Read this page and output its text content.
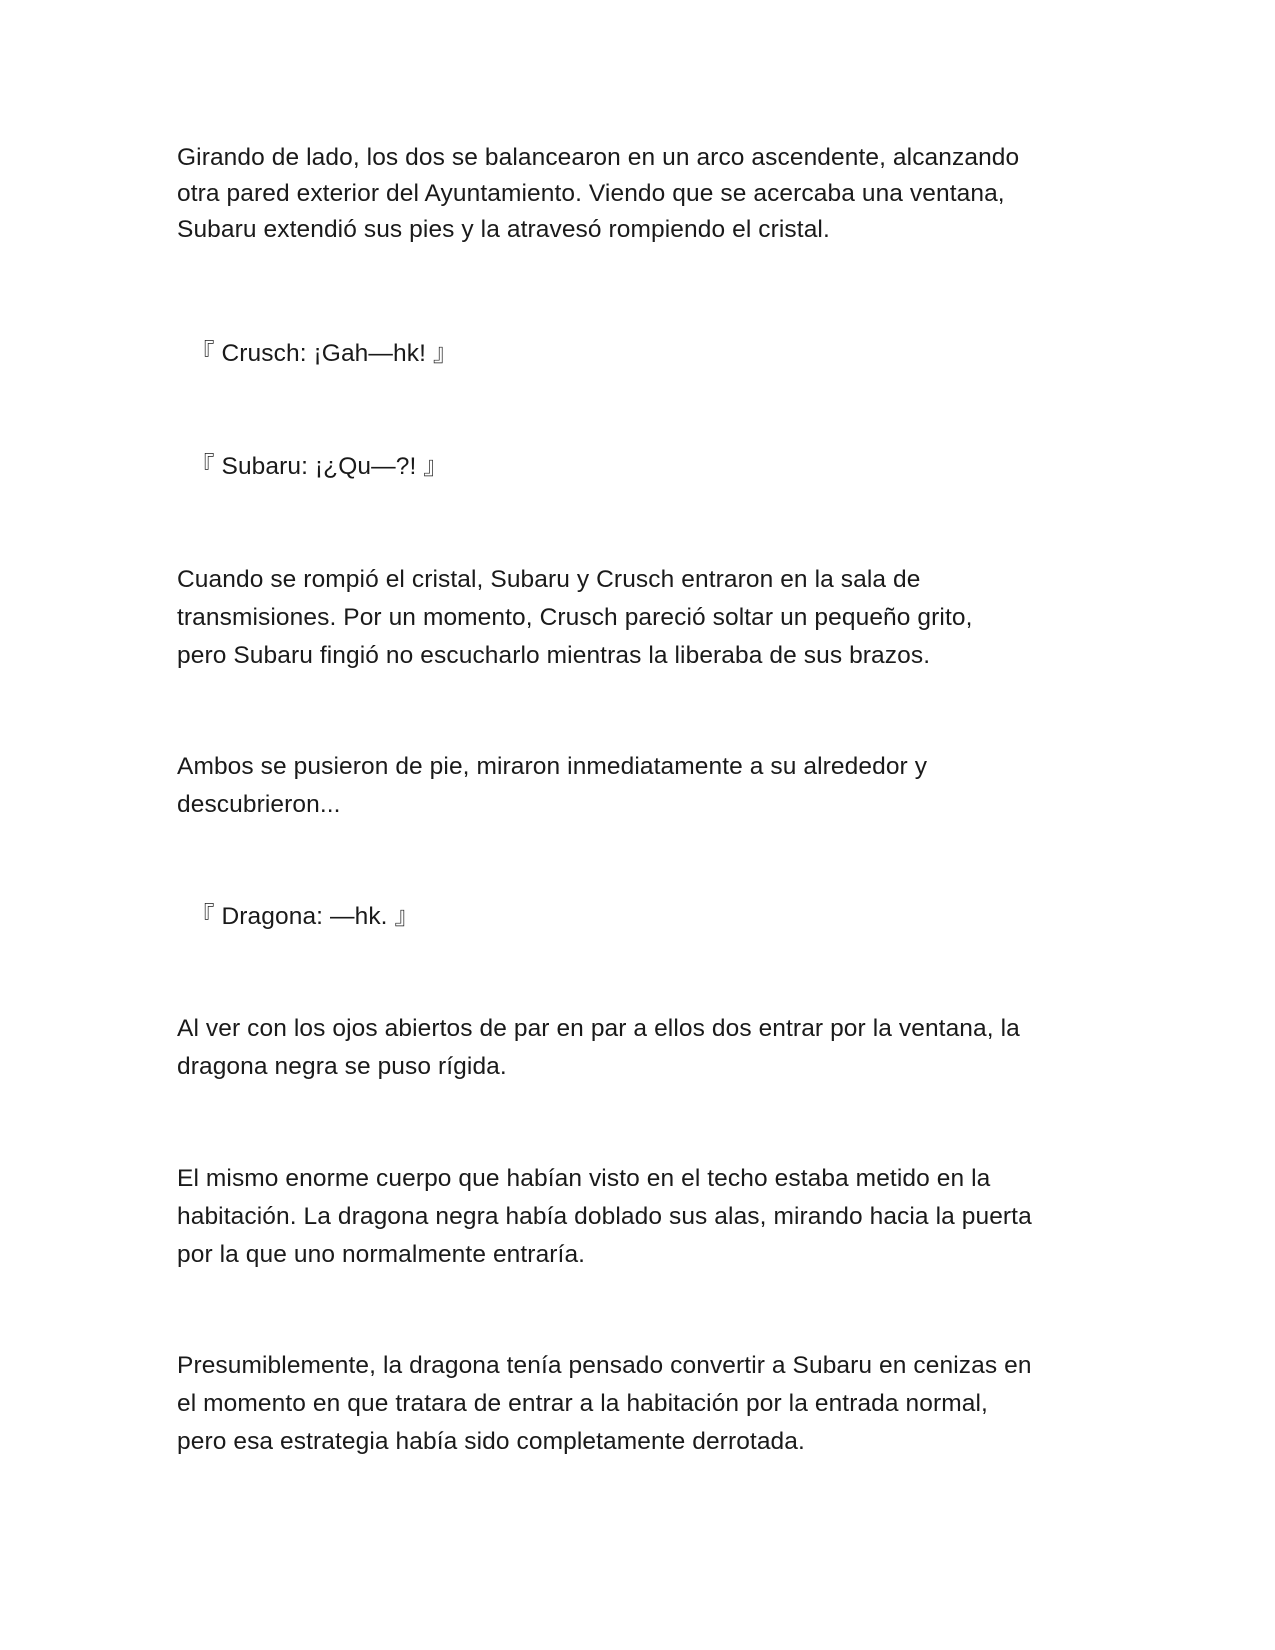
Girando de lado, los dos se balancearon en un arco ascendente, alcanzando
otra pared exterior del Ayuntamiento. Viendo que se acercaba una ventana,
Subaru extendió sus pies y la atravesó rompiendo el cristal.
『 Crusch: ¡Gah—hk! 』
『 Subaru: ¡¿Qu—?! 』
Cuando se rompió el cristal, Subaru y Crusch entraron en la sala de
transmisiones. Por un momento, Crusch pareció soltar un pequeño grito,
pero Subaru fingió no escucharlo mientras la liberaba de sus brazos.
Ambos se pusieron de pie, miraron inmediatamente a su alrededor y
descubrieron...
『 Dragona: —hk. 』
Al ver con los ojos abiertos de par en par a ellos dos entrar por la ventana, la
dragona negra se puso rígida.
El mismo enorme cuerpo que habían visto en el techo estaba metido en la
habitación. La dragona negra había doblado sus alas, mirando hacia la puerta
por la que uno normalmente entraría.
Presumiblemente, la dragona tenía pensado convertir a Subaru en cenizas en
el momento en que tratara de entrar a la habitación por la entrada normal,
pero esa estrategia había sido completamente derrotada.
